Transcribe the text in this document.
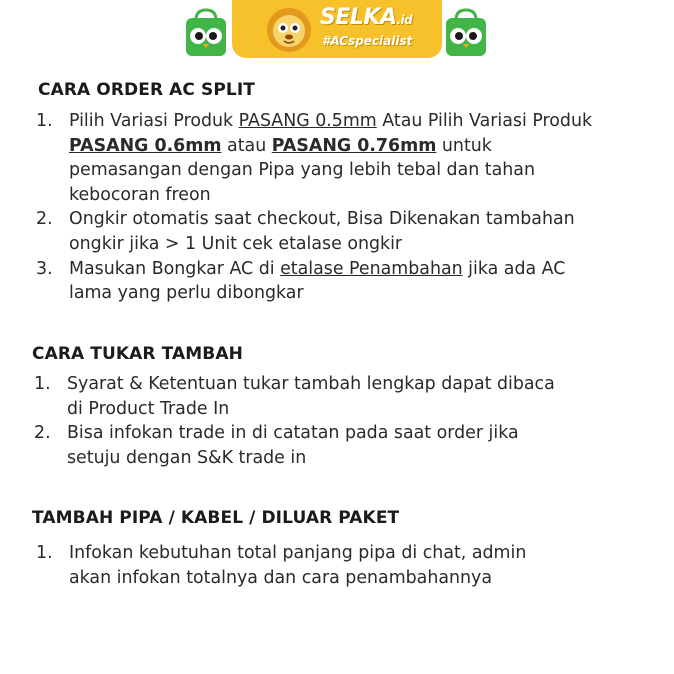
SELKA.id
#ACspecialist
CARA ORDER AC SPLIT
1. Pilih Variasi Produk PASANG 0.5mm Atau Pilih Variasi Produk PASANG 0.6mm atau PASANG 0.76mm untuk pemasangan dengan Pipa yang lebih tebal dan tahan kebocoran freon
2. Ongkir otomatis saat checkout, Bisa Dikenakan tambahan ongkir jika > 1 Unit cek etalase ongkir
3. Masukan Bongkar AC di etalase Penambahan jika ada AC lama yang perlu dibongkar
CARA TUKAR TAMBAH
1. Syarat & Ketentuan tukar tambah lengkap dapat dibaca di Product Trade In
2. Bisa infokan trade in di catatan pada saat order jika setuju dengan S&K trade in
TAMBAH PIPA / KABEL / DILUAR PAKET
1. Infokan kebutuhan total panjang pipa di chat, admin akan infokan totalnya dan cara penambahannya
